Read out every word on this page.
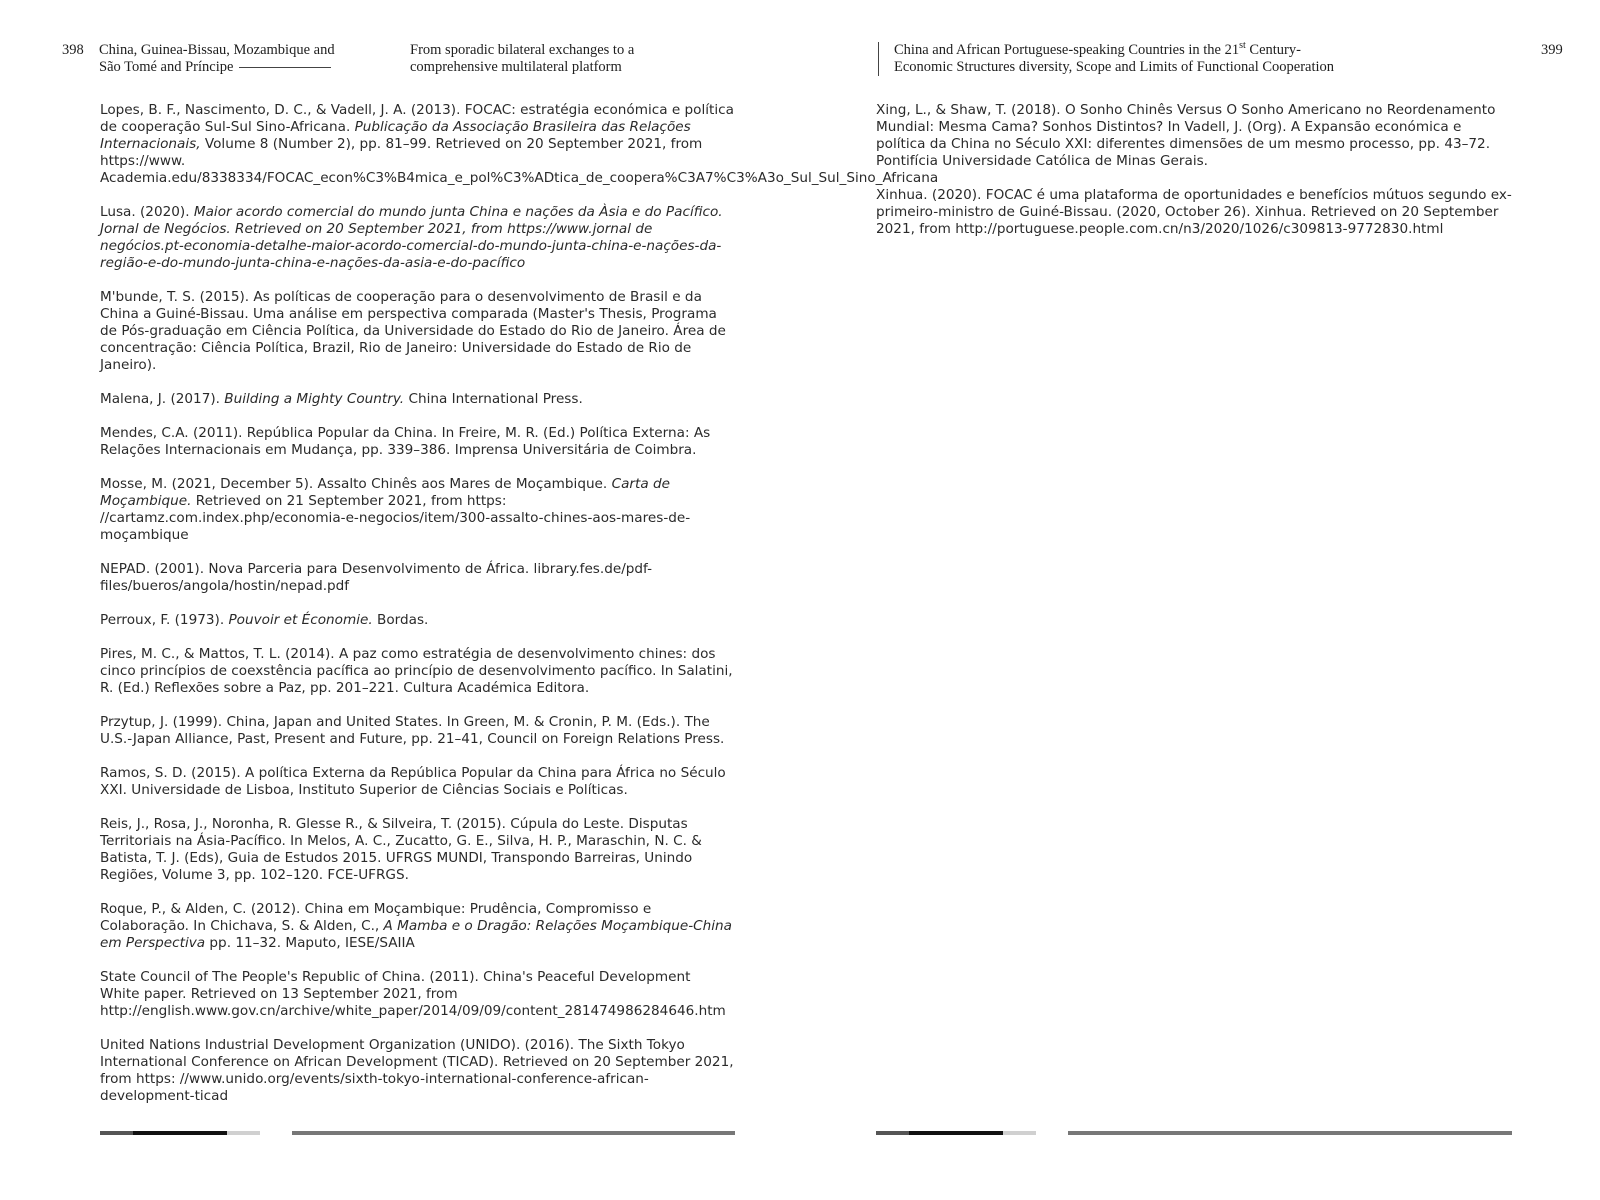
398 China, Guinea-Bissau, Mozambique and São Tomé and Príncipe
From sporadic bilateral exchanges to a
comprehensive multilateral platform

Lopes, B. F., Nascimento, D. C., & Vadell, J. A. (2013). FOCAC: estratégia económica e política de cooperação Sul-Sul Sino-Africana. Publicação da Associação Brasileira das Relações Internacionais, Volume 8 (Number 2), pp. 81–99. Retrieved on 20 September 2021, from https://www. Academia.edu/8338334/FOCAC_econ%C3%B4mica_e_pol%C3%ADtica_de_coopera%C3A7%C3%A3o_Sul_Sul_Sino_Africana

Lusa. (2020). Maior acordo comercial do mundo junta China e nações da Àsia e do Pacífico. Jornal de Negócios. Retrieved on 20 September 2021, from https://www.jornal de negócios.pt-economia-detalhe-maior-acordo-comercial-do-mundo-junta-china-e-nações-da-região-e-do-mundo-junta-china-e-nações-da-asia-e-do-pacífico

M'bunde, T. S. (2015). As políticas de cooperação para o desenvolvimento de Brasil e da China a Guiné-Bissau. Uma análise em perspectiva comparada (Master's Thesis, Programa de Pós-graduação em Ciência Política, da Universidade do Estado do Rio de Janeiro. Área de concentração: Ciência Política, Brazil, Rio de Janeiro: Universidade do Estado de Rio de Janeiro).

Malena, J. (2017). Building a Mighty Country. China International Press.

Mendes, C.A. (2011). República Popular da China. In Freire, M. R. (Ed.) Política Externa: As Relações Internacionais em Mudança, pp. 339–386. Imprensa Universitária de Coimbra.

Mosse, M. (2021, December 5). Assalto Chinês aos Mares de Moçambique. Carta de Moçambique. Retrieved on 21 September 2021, from https: //cartamz.com.index.php/economia-e-negocios/item/300-assalto-chines-aos-mares-de-moçambique

NEPAD. (2001). Nova Parceria para Desenvolvimento de África. library.fes.de/pdf-files/bueros/angola/hostin/nepad.pdf

Perroux, F. (1973). Pouvoir et Économie. Bordas.

Pires, M. C., & Mattos, T. L. (2014). A paz como estratégia de desenvolvimento chines: dos cinco princípios de coexstência pacífica ao princípio de desenvolvimento pacífico. In Salatini, R. (Ed.) Reflexões sobre a Paz, pp. 201–221. Cultura Académica Editora.

Przytup, J. (1999). China, Japan and United States. In Green, M. & Cronin, P. M. (Eds.). The U.S.-Japan Alliance, Past, Present and Future, pp. 21–41, Council on Foreign Relations Press.

Ramos, S. D. (2015). A política Externa da República Popular da China para África no Século XXI. Universidade de Lisboa, Instituto Superior de Ciências Sociais e Políticas.

Reis, J., Rosa, J., Noronha, R. Glesse R., & Silveira, T. (2015). Cúpula do Leste. Disputas Territoriais na Ásia-Pacífico. In Melos, A. C., Zucatto, G. E., Silva, H. P., Maraschin, N. C. & Batista, T. J. (Eds), Guia de Estudos 2015. UFRGS MUNDI, Transpondo Barreiras, Unindo Regiões, Volume 3, pp. 102–120. FCE-UFRGS.

Roque, P., & Alden, C. (2012). China em Moçambique: Prudência, Compromisso e Colaboração. In Chichava, S. & Alden, C., A Mamba e o Dragão: Relações Moçambique-China em Perspectiva pp. 11–32. Maputo, IESE/SAIIA

State Council of The People's Republic of China. (2011). China's Peaceful Development White paper. Retrieved on 13 September 2021, from http://english.www.gov.cn/archive/white_paper/2014/09/09/content_281474986284646.htm

United Nations Industrial Development Organization (UNIDO). (2016). The Sixth Tokyo International Conference on African Development (TICAD). Retrieved on 20 September 2021, from https: //www.unido.org/events/sixth-tokyo-international-conference-african-development-ticad

China and African Portuguese-speaking Countries in the 21st Century-
Economic Structures diversity, Scope and Limits of Functional Cooperation
399

Xing, L., & Shaw, T. (2018). O Sonho Chinês Versus O Sonho Americano no Reordenamento Mundial: Mesma Cama? Sonhos Distintos? In Vadell, J. (Org). A Expansão económica e política da China no Século XXI: diferentes dimensões de um mesmo processo, pp. 43–72. Pontifícia Universidade Católica de Minas Gerais.

Xinhua. (2020). FOCAC é uma plataforma de oportunidades e benefícios mútuos segundo ex-primeiro-ministro de Guiné-Bissau. (2020, October 26). Xinhua. Retrieved on 20 September 2021, from http://portuguese.people.com.cn/n3/2020/1026/c309813-9772830.html
